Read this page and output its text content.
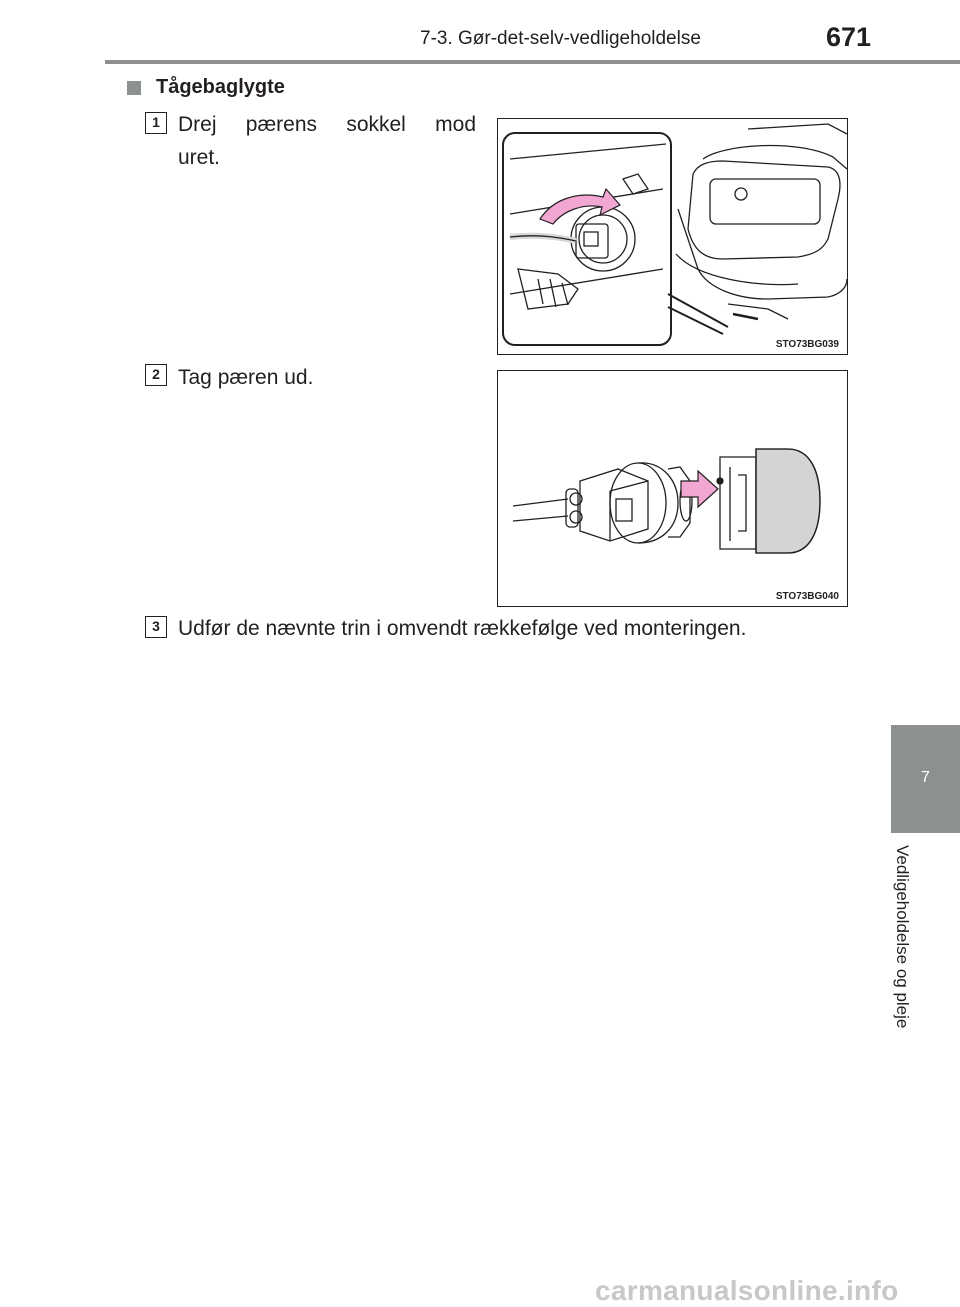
7-3. Gør-det-selv-vedligeholdelse	671
Tågebaglygte
1 Drej pærens sokkel mod
uret.
STO73BG039
2 Tag pæren ud.
STO73BG040
3 Udfør de nævnte trin i omvendt rækkefølge ved monteringen.
7
Vedligeholdelse og pleje
carmanualsonline.info
